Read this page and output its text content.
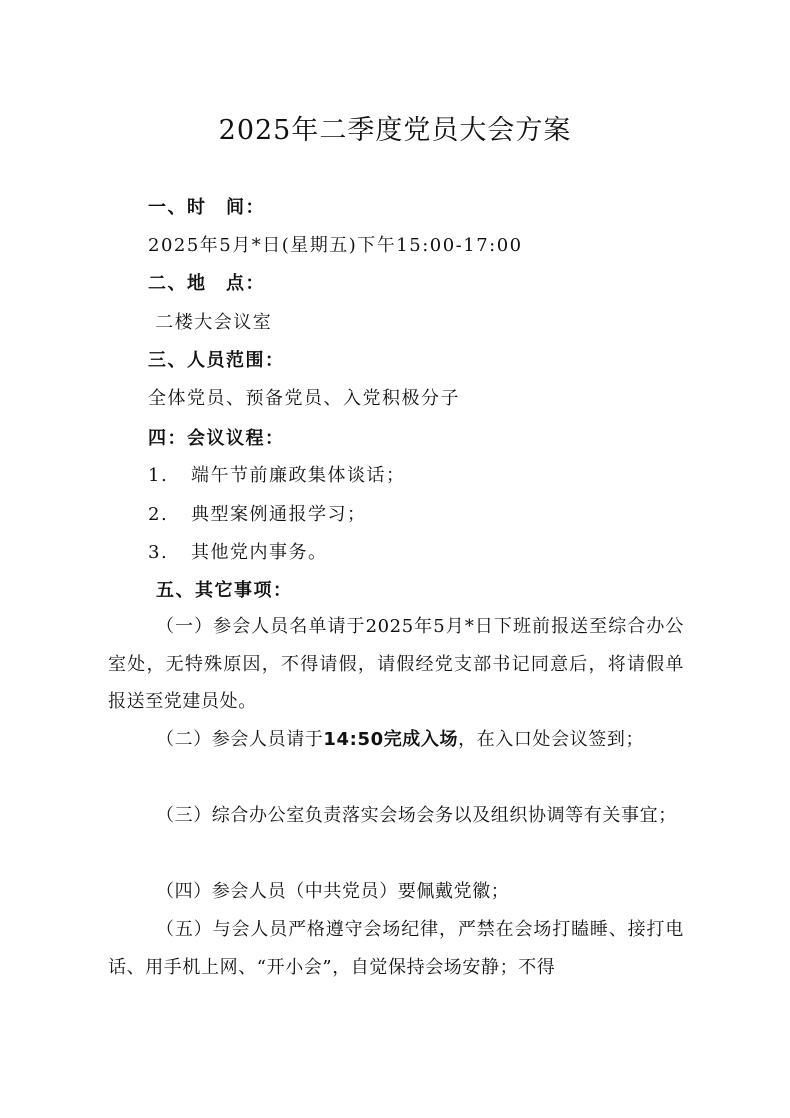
2025年二季度党员大会方案
一、时　间：
2025年5月*日(星期五)下午15:00-17:00
二、地　点：
二楼大会议室
三、人员范围：
全体党员、预备党员、入党积极分子
四：会议议程：
1. 端午节前廉政集体谈话；
2. 典型案例通报学习；
3. 其他党内事务。
五、其它事项：
（一）参会人员名单请于2025年5月*日下班前报送至综合办公室处，无特殊原因，不得请假，请假经党支部书记同意后，将请假单报送至党建员处。
（二）参会人员请于14:50完成入场，在入口处会议签到；
（三）综合办公室负责落实会场会务以及组织协调等有关事宜；
（四）参会人员（中共党员）要佩戴党徽；
（五）与会人员严格遵守会场纪律，严禁在会场打瞌睡、接打电话、用手机上网、“开小会”，自觉保持会场安静；不得
